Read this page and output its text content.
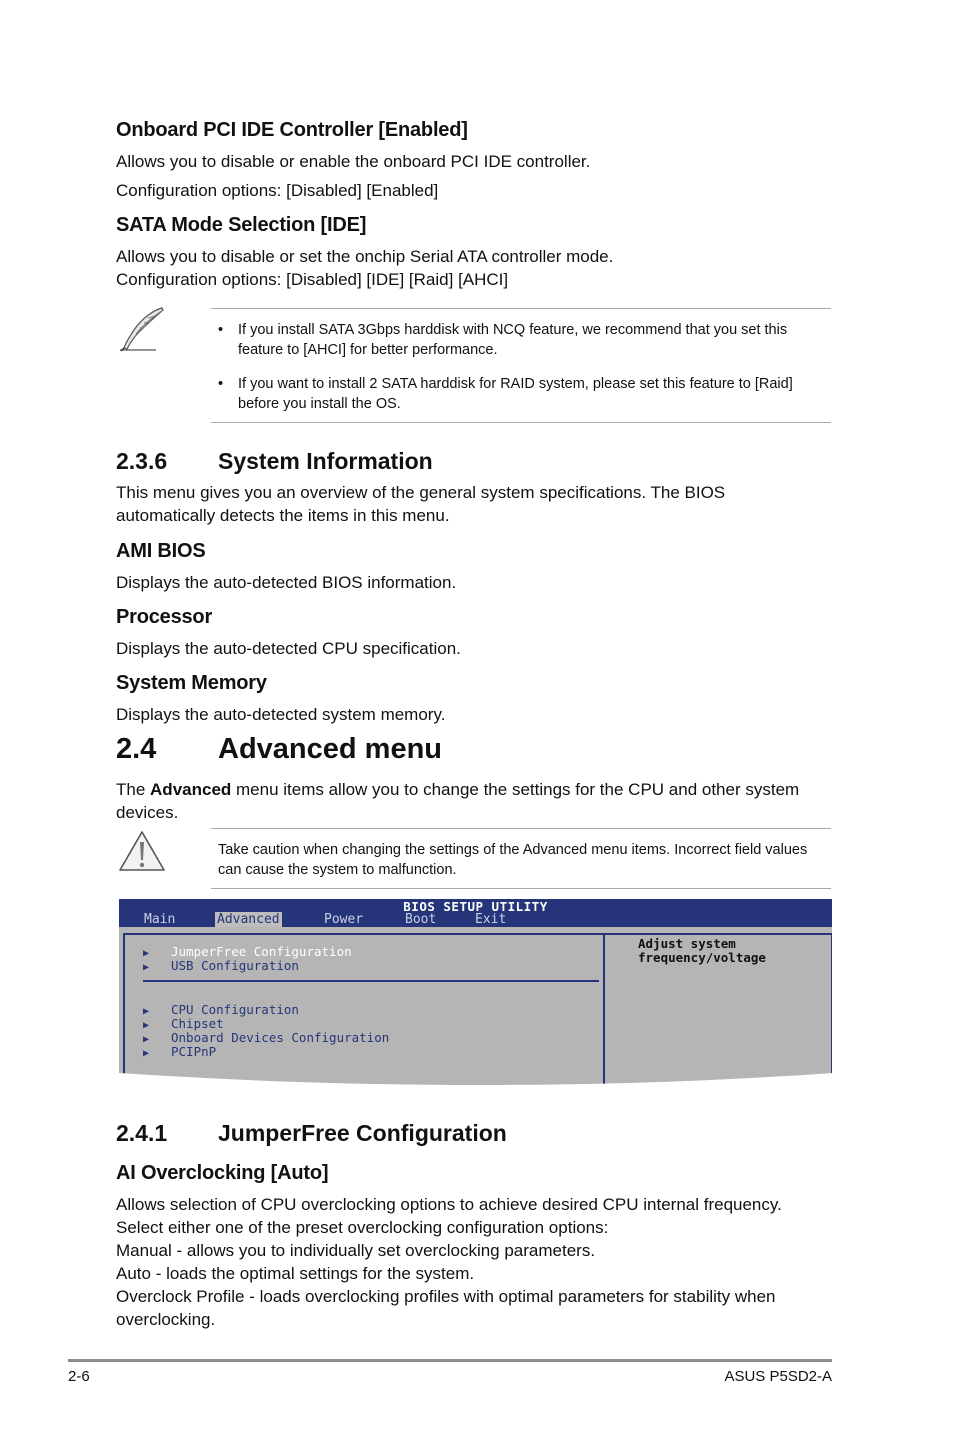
Onboard PCI IDE Controller [Enabled]
Allows you to disable or enable the onboard PCI IDE controller.
Configuration options: [Disabled] [Enabled]
SATA Mode Selection [IDE]
Allows you to disable or set the onchip Serial ATA controller mode.
Configuration options: [Disabled] [IDE] [Raid] [AHCI]
• If you install SATA 3Gbps harddisk with NCQ feature, we recommend that you set this feature to [AHCI] for better performance.
• If you want to install 2 SATA harddisk for RAID system, please set this feature to [Raid] before you install the OS.
2.3.6 System Information
This menu gives you an overview of the general system specifications. The BIOS automatically detects the items in this menu.
AMI BIOS
Displays the auto-detected BIOS information.
Processor
Displays the auto-detected CPU specification.
System Memory
Displays the auto-detected system memory.
2.4 Advanced menu
The Advanced menu items allow you to change the settings for the CPU and other system devices.
Take caution when changing the settings of the Advanced menu items. Incorrect field values can cause the system to malfunction.
BIOS SETUP UTILITY
Main	Advanced	Power	Boot	Exit
▶ JumperFree Configuration
▶ USB Configuration
▶ CPU Configuration
▶ Chipset
▶ Onboard Devices Configuration
▶ PCIPnP
Adjust system
frequency/voltage
2.4.1 JumperFree Configuration
AI Overclocking [Auto]
Allows selection of CPU overclocking options to achieve desired CPU internal frequency.
Select either one of the preset overclocking configuration options:
Manual - allows you to individually set overclocking parameters.
Auto - loads the optimal settings for the system.
Overclock Profile - loads overclocking profiles with optimal parameters for stability when overclocking.
2-6	ASUS P5SD2-A
